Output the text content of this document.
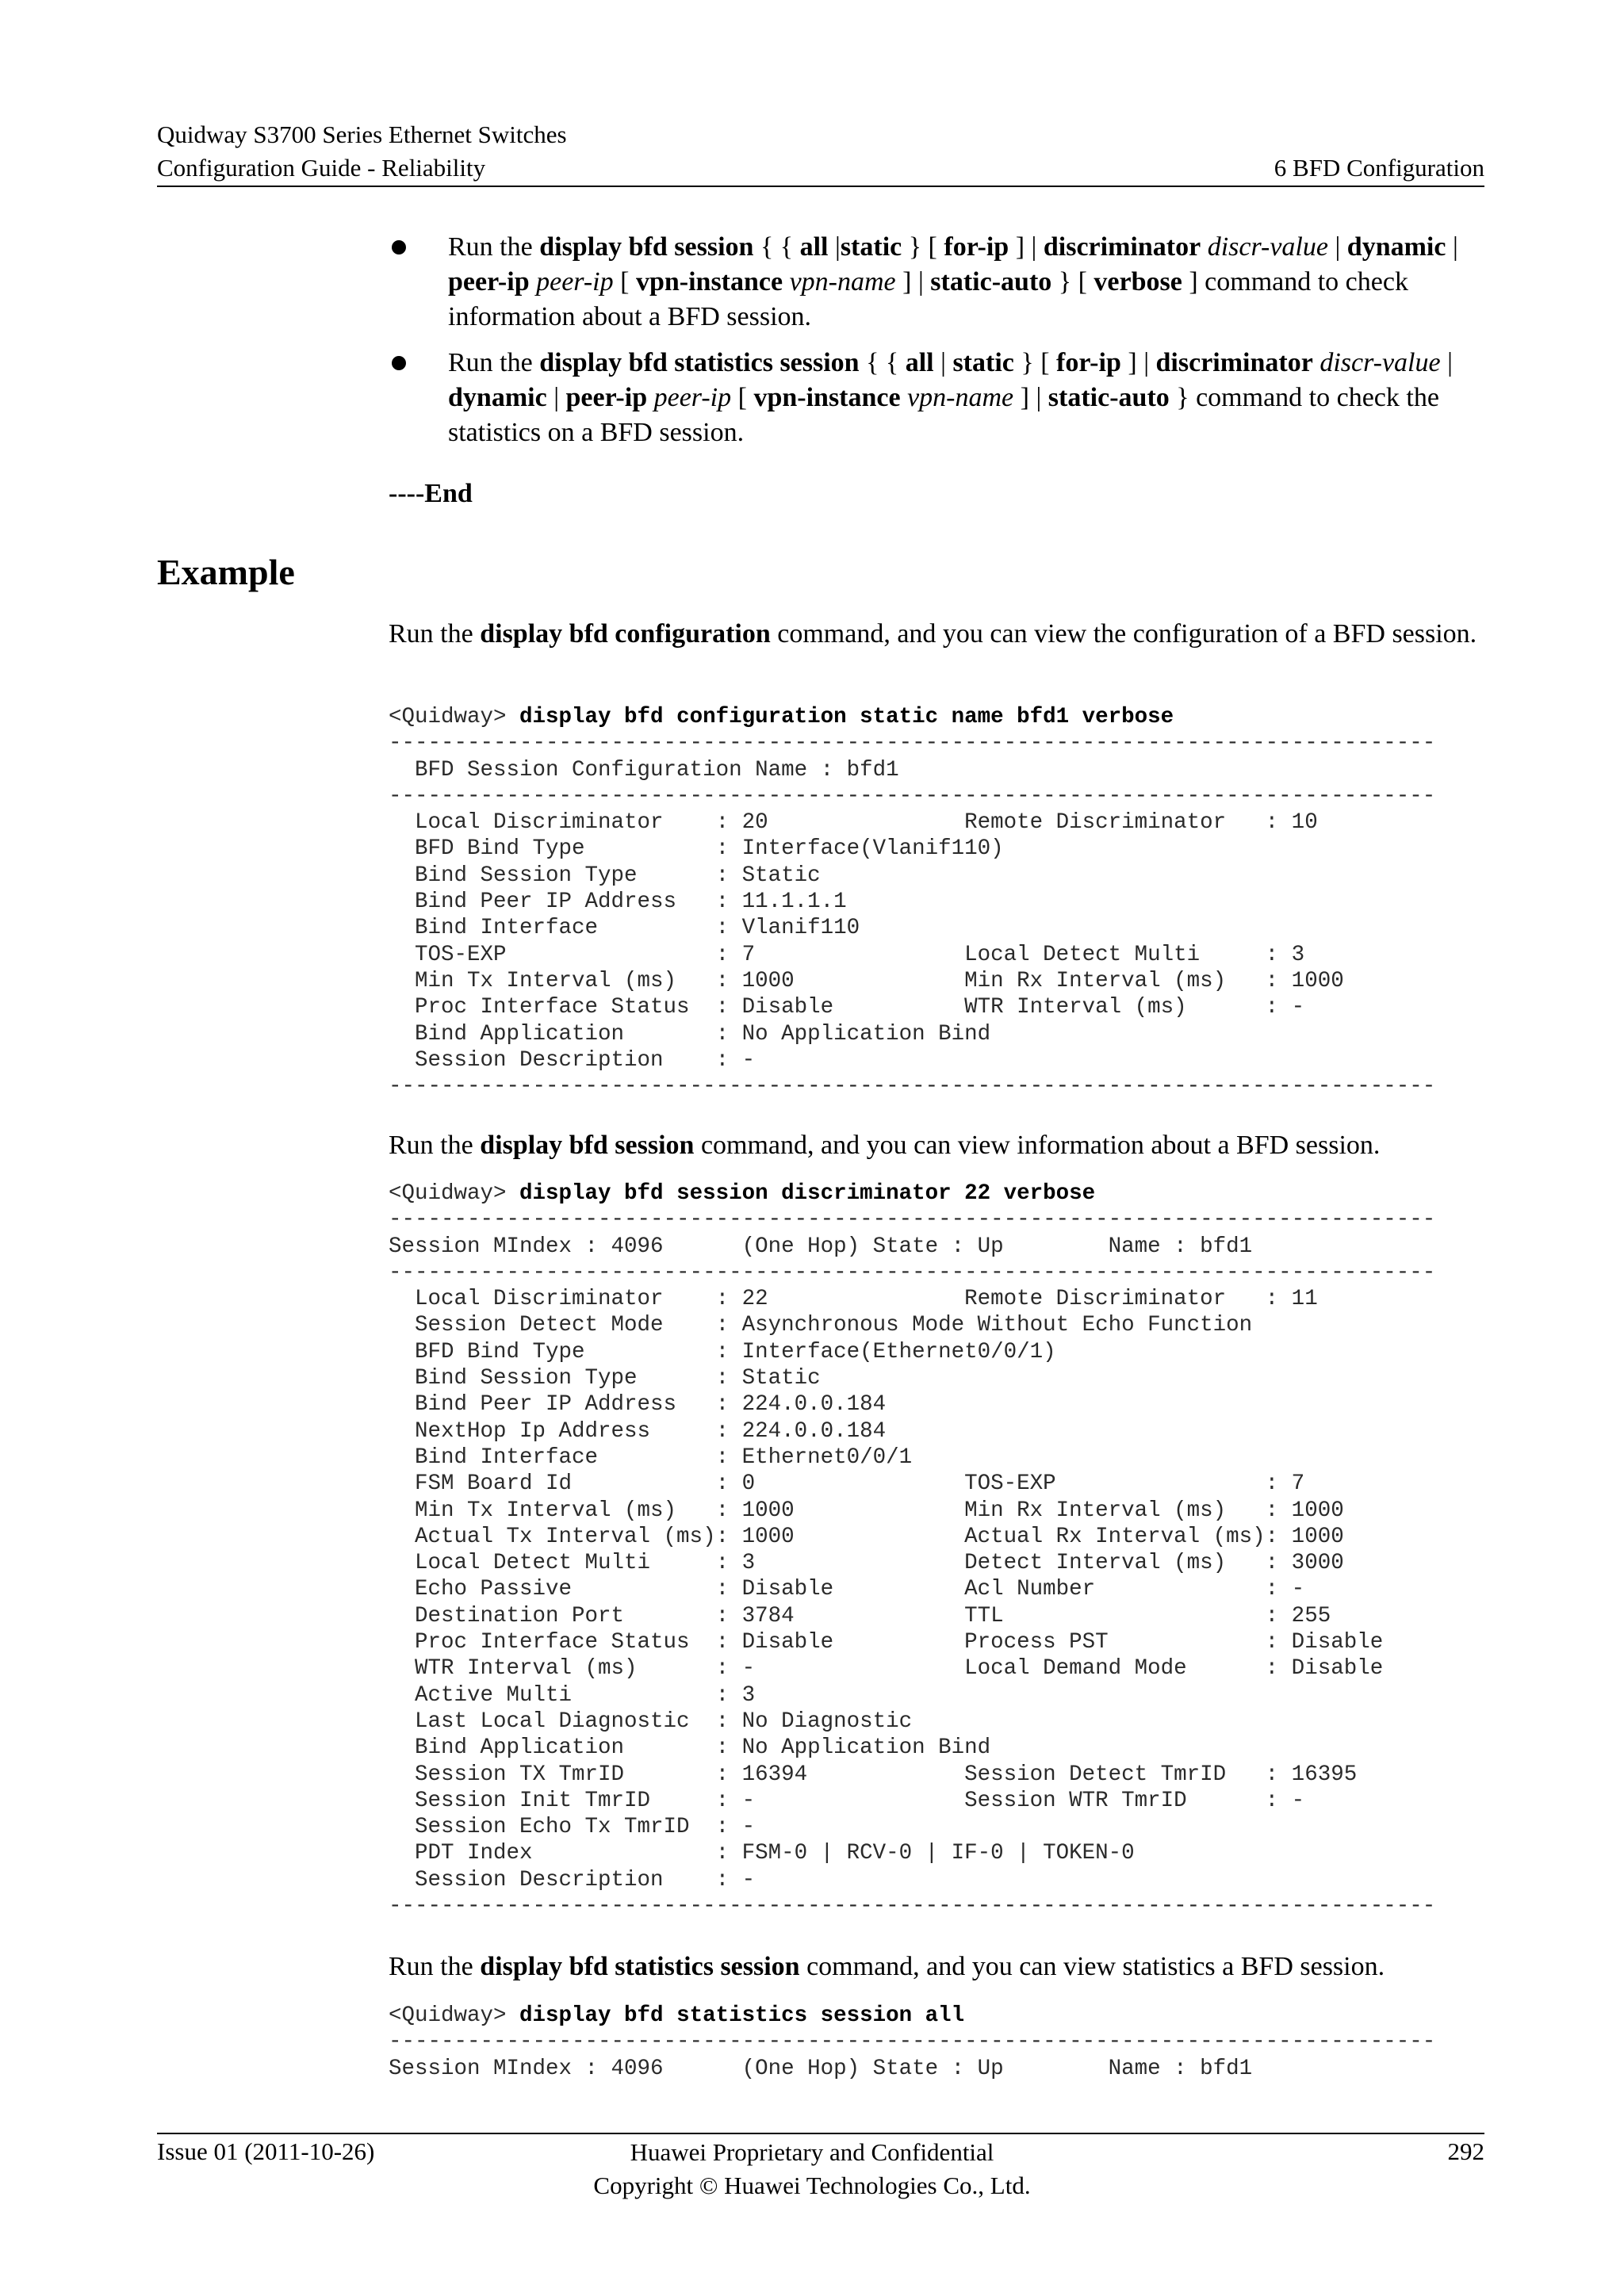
Quidway S3700 Series Ethernet Switches
Configuration Guide - Reliability	6 BFD Configuration
Run the display bfd session { { all |static } [ for-ip ] | discriminator discr-value | dynamic | peer-ip peer-ip [ vpn-instance vpn-name ] | static-auto } [ verbose ] command to check information about a BFD session.
Run the display bfd statistics session { { all | static } [ for-ip ] | discriminator discr-value | dynamic | peer-ip peer-ip [ vpn-instance vpn-name ] | static-auto } command to check the statistics on a BFD session.
----End
Example

Run the display bfd configuration command, and you can view the configuration of a BFD session.

<Quidway> display bfd configuration static name bfd1 verbose
--------------------------------------------------------------------------------
BFD Session Configuration Name : bfd1
--------------------------------------------------------------------------------
Local Discriminator    : 20               Remote Discriminator   : 10
BFD Bind Type          : Interface(Vlanif110)
Bind Session Type      : Static
Bind Peer IP Address   : 11.1.1.1
Bind Interface         : Vlanif110
TOS-EXP                : 7                Local Detect Multi     : 3
Min Tx Interval (ms)   : 1000             Min Rx Interval (ms)   : 1000
Proc Interface Status  : Disable          WTR Interval (ms)      : -
Bind Application       : No Application Bind
Session Description    : -
--------------------------------------------------------------------------------

Run the display bfd session command, and you can view information about a BFD session.

<Quidway> display bfd session discriminator 22 verbose
--------------------------------------------------------------------------------
Session MIndex : 4096      (One Hop) State : Up        Name : bfd1
--------------------------------------------------------------------------------
Local Discriminator    : 22               Remote Discriminator   : 11
Session Detect Mode    : Asynchronous Mode Without Echo Function
BFD Bind Type          : Interface(Ethernet0/0/1)
Bind Session Type      : Static
Bind Peer IP Address   : 224.0.0.184
NextHop Ip Address     : 224.0.0.184
Bind Interface         : Ethernet0/0/1
FSM Board Id           : 0                TOS-EXP                : 7
Min Tx Interval (ms)   : 1000             Min Rx Interval (ms)   : 1000
Actual Tx Interval (ms): 1000             Actual Rx Interval (ms): 1000
Local Detect Multi     : 3                Detect Interval (ms)   : 3000
Echo Passive           : Disable          Acl Number             : -
Destination Port       : 3784             TTL                    : 255
Proc Interface Status  : Disable          Process PST            : Disable
WTR Interval (ms)      : -                Local Demand Mode      : Disable
Active Multi           : 3
Last Local Diagnostic  : No Diagnostic
Bind Application       : No Application Bind
Session TX TmrID       : 16394            Session Detect TmrID   : 16395
Session Init TmrID     : -                Session WTR TmrID      : -
Session Echo Tx TmrID  : -
PDT Index              : FSM-0 | RCV-0 | IF-0 | TOKEN-0
Session Description    : -
--------------------------------------------------------------------------------

Run the display bfd statistics session command, and you can view statistics a BFD session.

<Quidway> display bfd statistics session all
--------------------------------------------------------------------------------
Session MIndex : 4096      (One Hop) State : Up        Name : bfd1
Issue 01 (2011-10-26)	Huawei Proprietary and Confidential
Copyright © Huawei Technologies Co., Ltd.
292
